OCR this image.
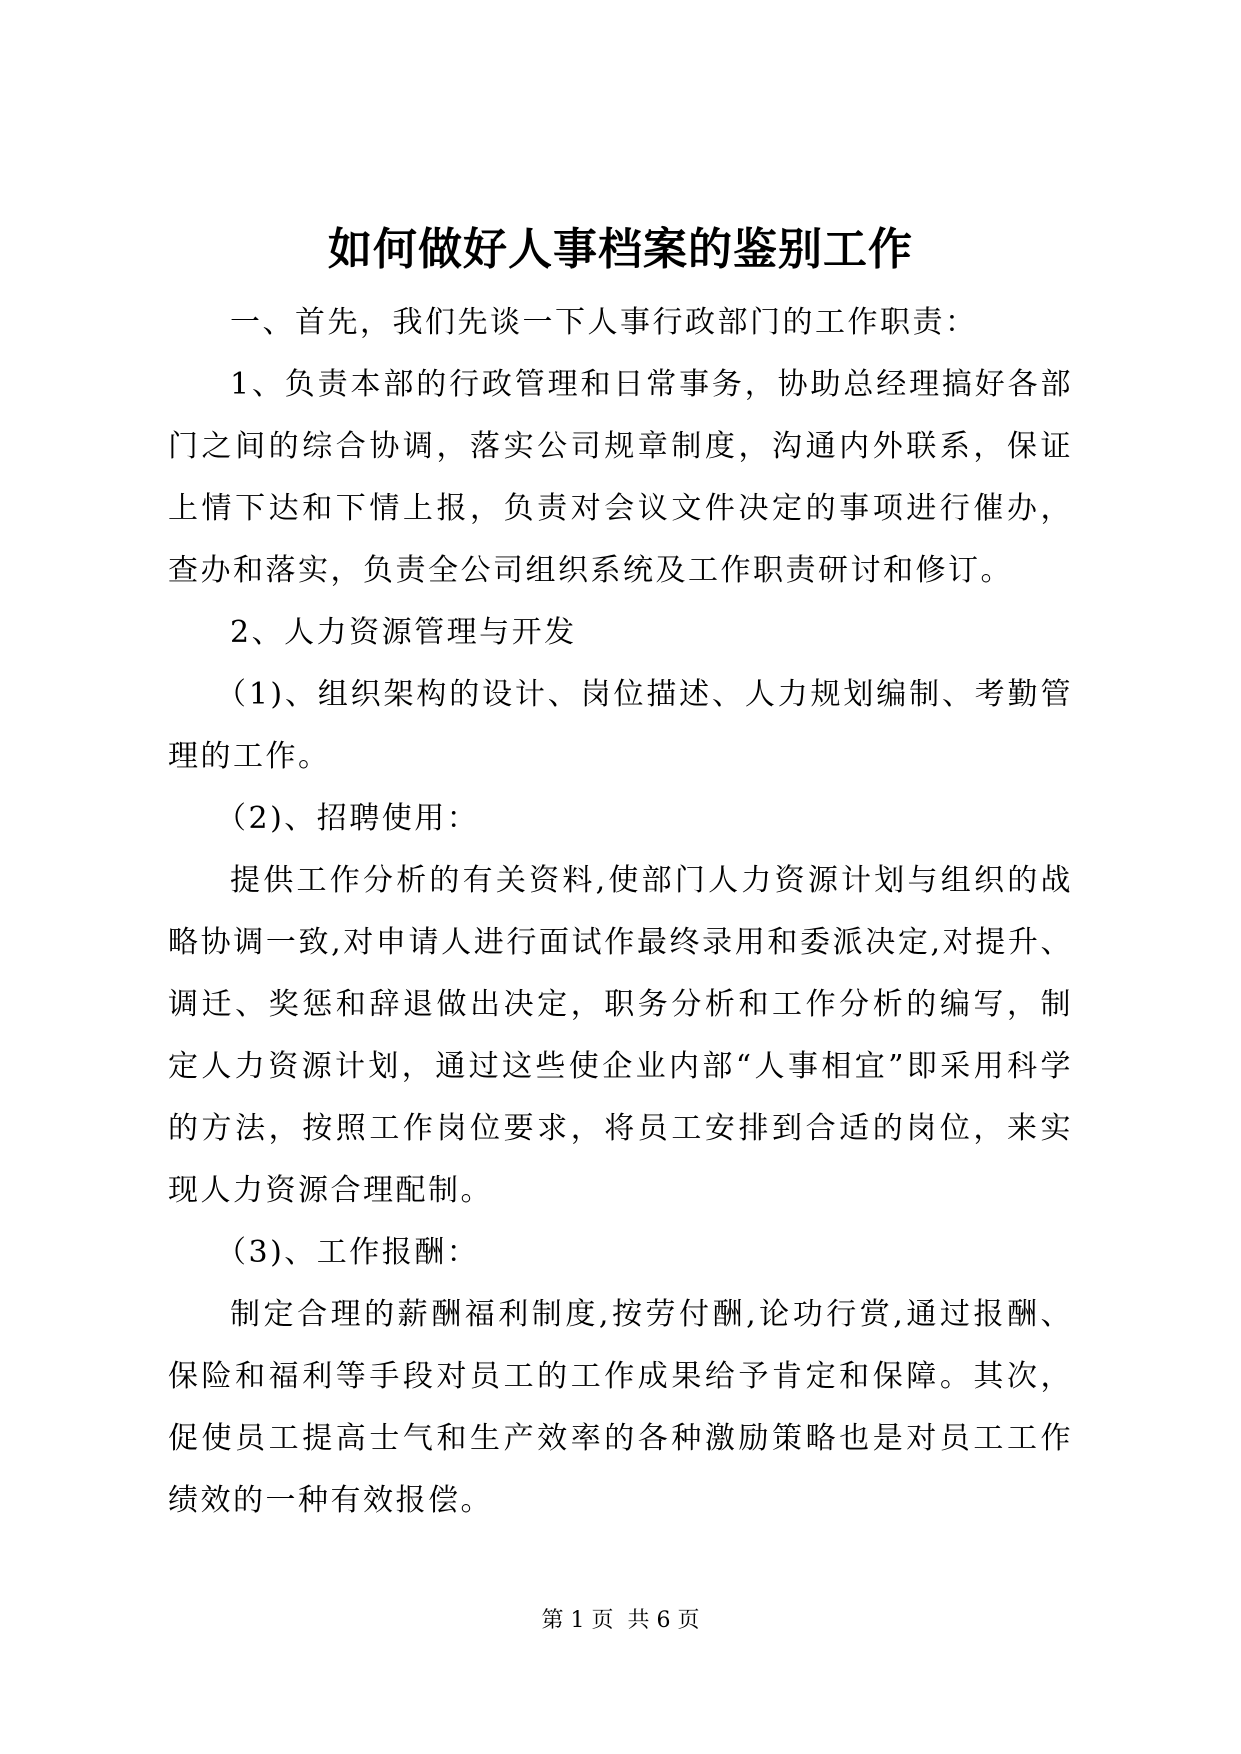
如何做好人事档案的鉴别工作

一、首先，我们先谈一下人事行政部门的工作职责：

1、负责本部的行政管理和日常事务，协助总经理搞好各部门之间的综合协调，落实公司规章制度，沟通内外联系，保证上情下达和下情上报，负责对会议文件决定的事项进行催办，查办和落实，负责全公司组织系统及工作职责研讨和修订。

2、人力资源管理与开发

（1)、组织架构的设计、岗位描述、人力规划编制、考勤管理的工作。

（2)、招聘使用：

提供工作分析的有关资料,使部门人力资源计划与组织的战略协调一致,对申请人进行面试作最终录用和委派决定,对提升、调迁、奖惩和辞退做出决定，职务分析和工作分析的编写，制定人力资源计划，通过这些使企业内部“人事相宜”即采用科学的方法，按照工作岗位要求，将员工安排到合适的岗位，来实现人力资源合理配制。

（3)、工作报酬：

制定合理的薪酬福利制度,按劳付酬,论功行赏,通过报酬、保险和福利等手段对员工的工作成果给予肯定和保障。其次，促使员工提高士气和生产效率的各种激励策略也是对员工工作绩效的一种有效报偿。

第 1 页  共 6 页
